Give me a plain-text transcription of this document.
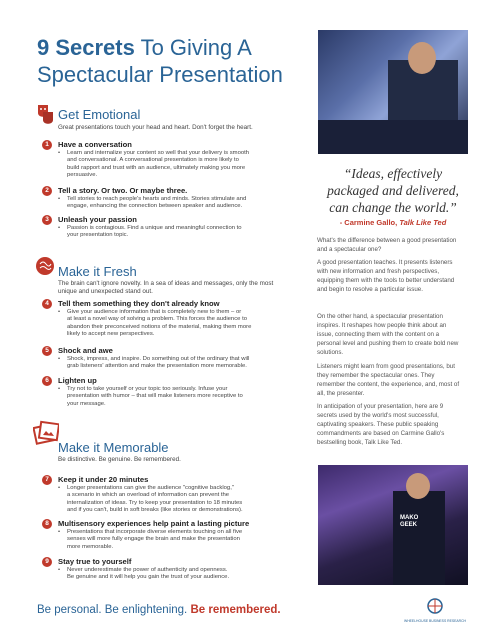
9 Secrets To Giving A
Spectacular Presentation
Get Emotional
Great presentations touch your head and heart. Don't forget the heart.
1	Have a conversation
• Learn and internalize your content so well that your delivery is smooth
and conversational. A conversational presentation is more likely to
build rapport and trust with an audience, ultimately making you more
persuasive.
2	Tell a story. Or two. Or maybe three.
• Tell stories to reach people's hearts and minds. Stories stimulate and
engage, enhancing the connection between speaker and audience.
3	Unleash your passion
• Passion is contagious. Find a unique and meaningful connection to
your presentation topic.
Make it Fresh
The brain can't ignore novelty. In a sea of ideas and messages, only the most
unique and unexpected stand out.
4	Tell them something they don't already know
• Give your audience information that is completely new to them – or
at least a novel way of solving a problem. This forces the audience to
abandon their preconceived notions of the material, making them more
likely to accept new perspectives.
5	Shock and awe
• Shock, impress, and inspire. Do something out of the ordinary that will
grab listeners' attention and make the presentation more memorable.
6	Lighten up
• Try not to take yourself or your topic too seriously. Infuse your
presentation with humor – that will make listeners more receptive to
your message.
Make it Memorable
Be distinctive. Be genuine. Be remembered.
7	Keep it under 20 minutes
• Longer presentations can give the audience "cognitive backlog,"
a scenario in which an overload of information can prevent the
internalization of ideas. Try to keep your presentation to 18 minutes
and if you can't, build in soft breaks (like stories or demonstrations).
8	Multisensory experiences help paint a lasting picture
• Presentations that incorporate diverse elements touching on all five
senses will more fully engage the brain and make the presentation
more memorable.
9	Stay true to yourself
• Never underestimate the power of authenticity and openness.
Be genuine and it will help you gain the trust of your audience.
“Ideas, effectively
packaged and delivered,
can change the world.”
- Carmine Gallo, Talk Like Ted
What's the difference between a good presentation and a spectacular one?
A good presentation teaches. It presents listeners with new information and fresh perspectives, equipping them with the tools to better understand and begin to resolve a particular issue.
On the other hand, a spectacular presentation inspires. It reshapes how people think about an issue, connecting them with the content on a personal level and pushing them to create bold new solutions.
Listeners might learn from good presentations, but they remember the spectacular ones. They remember the content, the experience, and, most of all, the presenter.
In anticipation of your presentation, here are 9 secrets used by the world's most successful, captivating speakers. These public speaking commandments are based on Carmine Gallo's bestselling book, Talk Like Ted.
MAKO
GEEK
Be personal. Be enlightening. Be remembered.
WHEELHOUSE BUSINESS RESEARCH
